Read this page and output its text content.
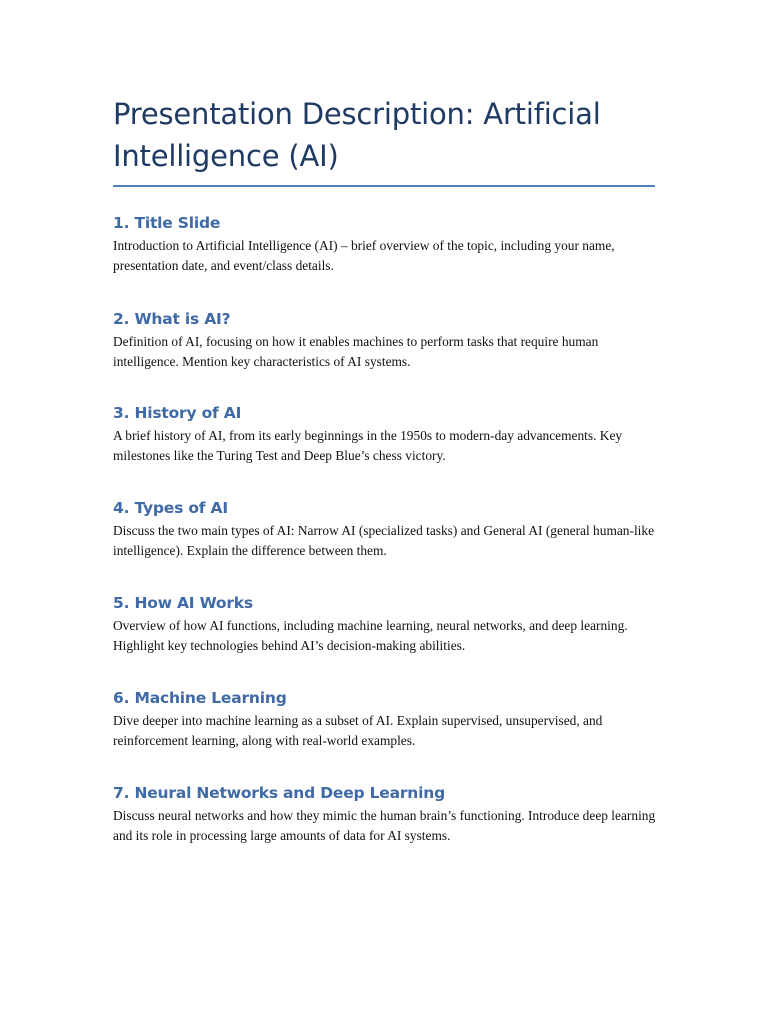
Presentation Description: Artificial Intelligence (AI)
1. Title Slide

Introduction to Artificial Intelligence (AI) – brief overview of the topic, including your name, presentation date, and event/class details.

2. What is AI?

Definition of AI, focusing on how it enables machines to perform tasks that require human intelligence. Mention key characteristics of AI systems.

3. History of AI

A brief history of AI, from its early beginnings in the 1950s to modern-day advancements. Key milestones like the Turing Test and Deep Blue’s chess victory.

4. Types of AI

Discuss the two main types of AI: Narrow AI (specialized tasks) and General AI (general human-like intelligence). Explain the difference between them.

5. How AI Works

Overview of how AI functions, including machine learning, neural networks, and deep learning. Highlight key technologies behind AI’s decision-making abilities.

6. Machine Learning

Dive deeper into machine learning as a subset of AI. Explain supervised, unsupervised, and reinforcement learning, along with real-world examples.

7. Neural Networks and Deep Learning

Discuss neural networks and how they mimic the human brain’s functioning. Introduce deep learning and its role in processing large amounts of data for AI systems.
